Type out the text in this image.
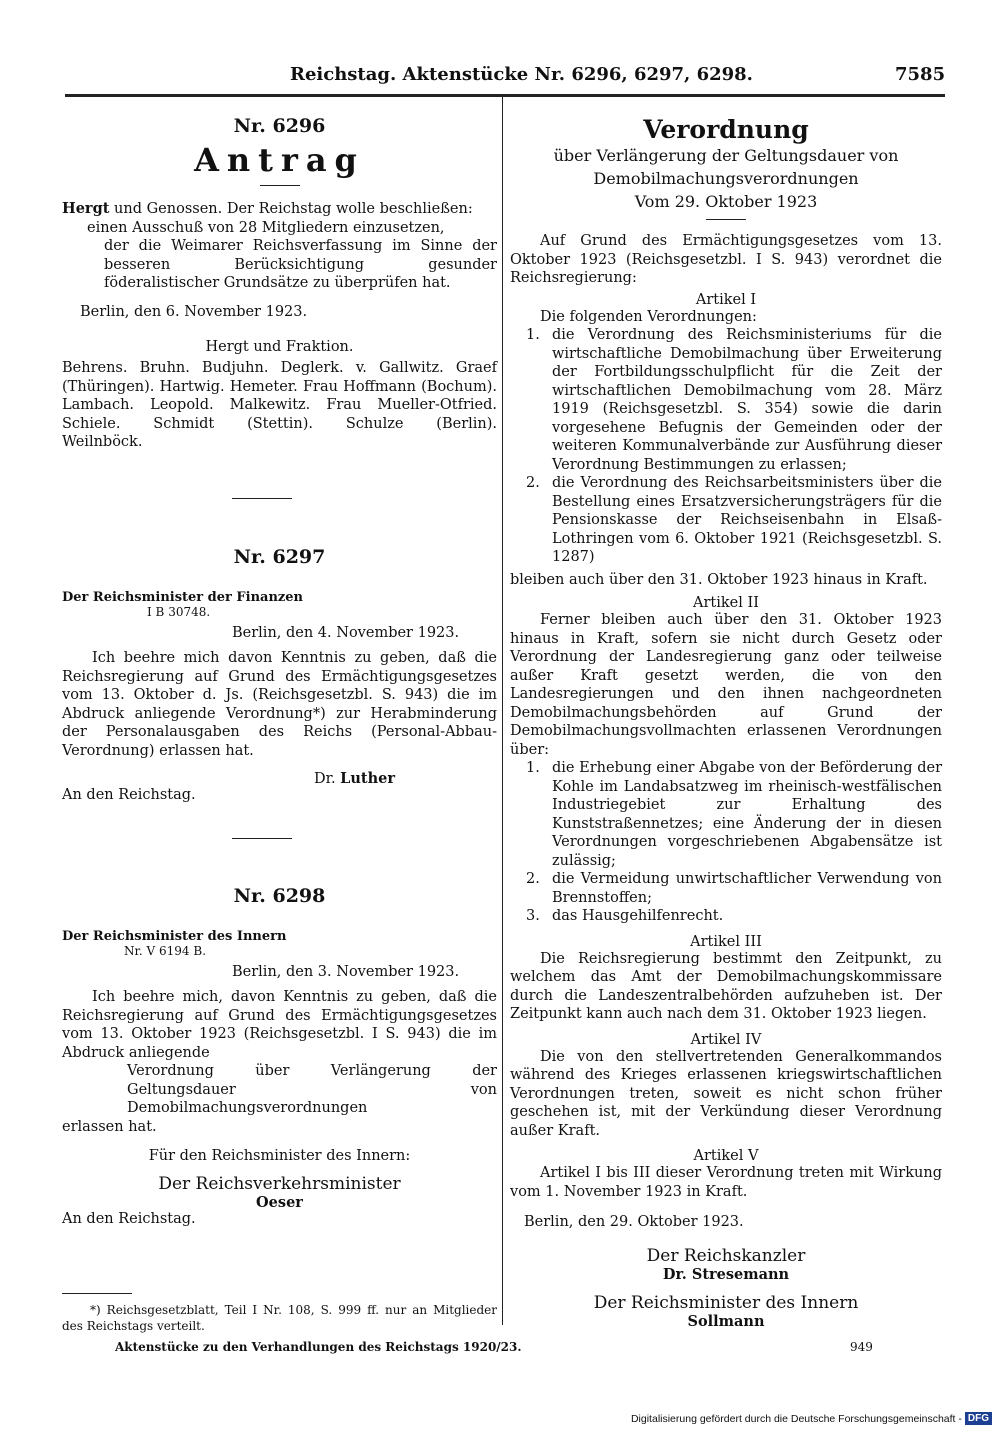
Reichstag. Aktenstücke Nr. 6296, 6297, 6298.	7585
Nr. 6296
Antrag

Hergt und Genossen. Der Reichstag wolle beschließen:

einen Ausschuß von 28 Mitgliedern einzusetzen,

der die Weimarer Reichsverfassung im Sinne der besseren Berücksichtigung gesunder föderalistischer Grundsätze zu überprüfen hat.

Berlin, den 6. November 1923.

Hergt und Fraktion.

Behrens. Bruhn. Budjuhn. Deglerk. v. Gallwitz. Graef (Thüringen). Hartwig. Hemeter. Frau Hoffmann (Bochum). Lambach. Leopold. Malkewitz. Frau Mueller-Otfried. Schiele. Schmidt (Stettin). Schulze (Berlin).

Weilnböck.

Nr. 6297
Der Reichsminister der Finanzen
I B 30748.
Berlin, den 4. November 1923.

Ich beehre mich davon Kenntnis zu geben, daß die Reichsregierung auf Grund des Ermächtigungsgesetzes vom 13. Oktober d. Js. (Reichsgesetzbl. S. 943) die im Abdruck anliegende Verordnung*) zur Herabminderung der Personalausgaben des Reichs (Personal-Abbau-Verordnung) erlassen hat.

Dr. Luther
An den Reichstag.
Nr. 6298
Der Reichsminister des Innern
Nr. V 6194 B.
Berlin, den 3. November 1923.

Ich beehre mich, davon Kenntnis zu geben, daß die Reichsregierung auf Grund des Ermächtigungsgesetzes vom 13. Oktober 1923 (Reichsgesetzbl. I S. 943) die im Abdruck anliegende

Verordnung über Verlängerung der Geltungsdauer von Demobilmachungsverordnungen

erlassen hat.

Für den Reichsminister des Innern:
Der Reichsverkehrsminister
Oeser
An den Reichstag.
*) Reichsgesetzblatt, Teil I Nr. 108, S. 999 ff. nur an Mitglieder des Reichstags verteilt.
Aktenstücke zu den Verhandlungen des Reichstags 1920/23.
Verordnung
über Verlängerung der Geltungsdauer von
Demobilmachungsverordnungen
Vom 29. Oktober 1923

Auf Grund des Ermächtigungsgesetzes vom 13. Oktober 1923 (Reichsgesetzbl. I S. 943) verordnet die Reichsregierung:

Artikel I

Die folgenden Verordnungen:

1. die Verordnung des Reichsministeriums für die wirtschaftliche Demobilmachung über Erweiterung der Fortbildungsschulpflicht für die Zeit der wirtschaftlichen Demobilmachung vom 28. März 1919 (Reichsgesetzbl. S. 354) sowie die darin vorgesehene Befugnis der Gemeinden oder der weiteren Kommunalverbände zur Ausführung dieser Verordnung Bestimmungen zu erlassen;
2. die Verordnung des Reichsarbeitsministers über die Bestellung eines Ersatzversicherungsträgers für die Pensionskasse der Reichseisenbahn in Elsaß-Lothringen vom 6. Oktober 1921 (Reichsgesetzbl. S. 1287)

bleiben auch über den 31. Oktober 1923 hinaus in Kraft.

Artikel II

Ferner bleiben auch über den 31. Oktober 1923 hinaus in Kraft, sofern sie nicht durch Gesetz oder Verordnung der Landesregierung ganz oder teilweise außer Kraft gesetzt werden, die von den Landesregierungen und den ihnen nachgeordneten Demobilmachungsbehörden auf Grund der Demobilmachungsvollmachten erlassenen Verordnungen über:

1. die Erhebung einer Abgabe von der Beförderung der Kohle im Landabsatzweg im rheinisch-westfälischen Industriegebiet zur Erhaltung des Kunststraßennetzes; eine Änderung der in diesen Verordnungen vorgeschriebenen Abgabensätze ist zulässig;
2. die Vermeidung unwirtschaftlicher Verwendung von Brennstoffen;
3. das Hausgehilfenrecht.
Artikel III

Die Reichsregierung bestimmt den Zeitpunkt, zu welchem das Amt der Demobilmachungskommissare durch die Landeszentralbehörden aufzuheben ist. Der Zeitpunkt kann auch nach dem 31. Oktober 1923 liegen.

Artikel IV

Die von den stellvertretenden Generalkommandos während des Krieges erlassenen kriegswirtschaftlichen Verordnungen treten, soweit es nicht schon früher geschehen ist, mit der Verkündung dieser Verordnung außer Kraft.

Artikel V

Artikel I bis III dieser Verordnung treten mit Wirkung vom 1. November 1923 in Kraft.

Berlin, den 29. Oktober 1923.

Der Reichskanzler
Dr. Stresemann
Der Reichsminister des Innern
Sollmann
949
Digitalisierung gefördert durch die Deutsche Forschungsgemeinschaft - DFG
